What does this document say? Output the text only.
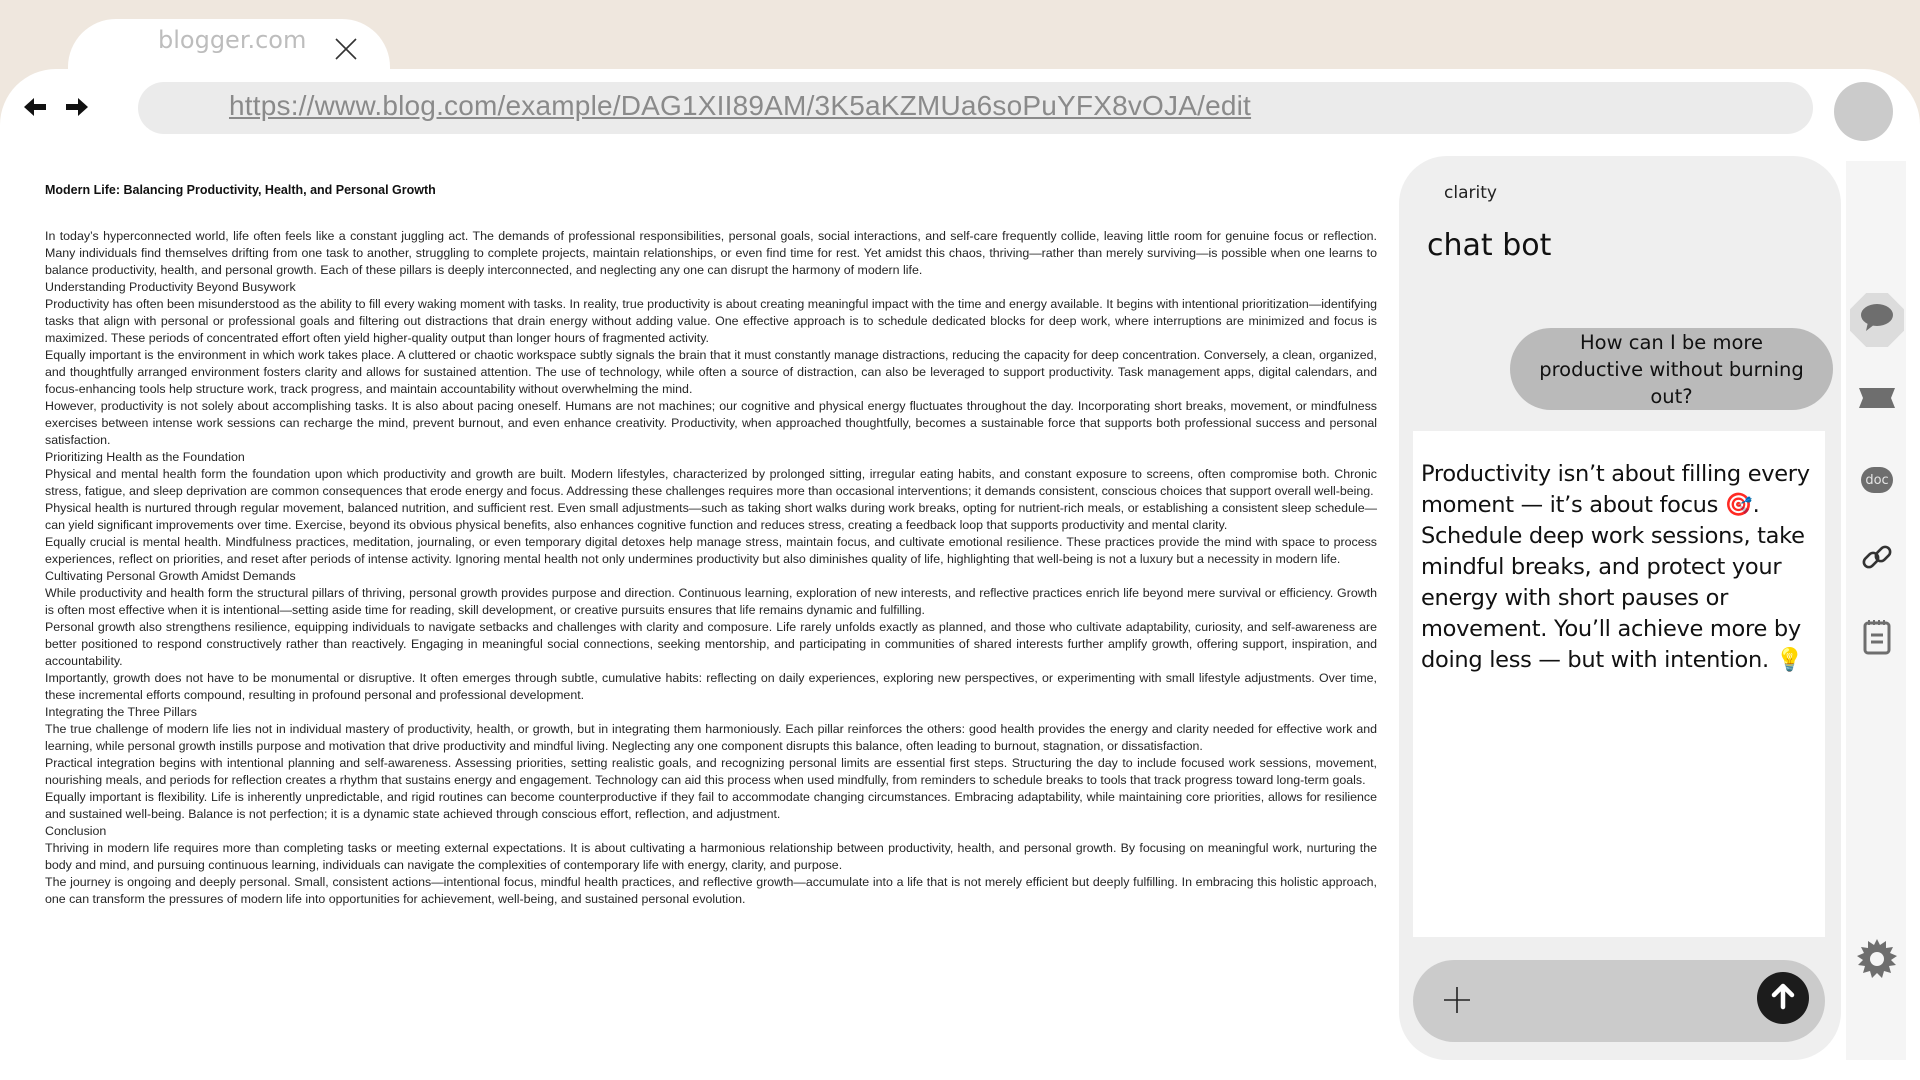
blogger.com
https://www.blog.com/example/DAG1XII89AM/3K5aKZMUa6soPuYFX8vOJA/edit
Modern Life: Balancing Productivity, Health, and Personal Growth

In today’s hyperconnected world, life often feels like a constant juggling act. The demands of professional responsibilities, personal goals, social interactions, and self-care frequently collide, leaving little room for genuine focus or reflection. Many individuals find themselves drifting from one task to another, struggling to complete projects, maintain relationships, or even find time for rest. Yet amidst this chaos, thriving—rather than merely surviving—is possible when one learns to balance productivity, health, and personal growth. Each of these pillars is deeply interconnected, and neglecting any one can disrupt the harmony of modern life.

Understanding Productivity Beyond Busywork

Productivity has often been misunderstood as the ability to fill every waking moment with tasks. In reality, true productivity is about creating meaningful impact with the time and energy available. It begins with intentional prioritization—identifying tasks that align with personal or professional goals and filtering out distractions that drain energy without adding value. One effective approach is to schedule dedicated blocks for deep work, where interruptions are minimized and focus is maximized. These periods of concentrated effort often yield higher-quality output than longer hours of fragmented activity.

Equally important is the environment in which work takes place. A cluttered or chaotic workspace subtly signals the brain that it must constantly manage distractions, reducing the capacity for deep concentration. Conversely, a clean, organized, and thoughtfully arranged environment fosters clarity and allows for sustained attention. The use of technology, while often a source of distraction, can also be leveraged to support productivity. Task management apps, digital calendars, and focus-enhancing tools help structure work, track progress, and maintain accountability without overwhelming the mind.

However, productivity is not solely about accomplishing tasks. It is also about pacing oneself. Humans are not machines; our cognitive and physical energy fluctuates throughout the day. Incorporating short breaks, movement, or mindfulness exercises between intense work sessions can recharge the mind, prevent burnout, and even enhance creativity. Productivity, when approached thoughtfully, becomes a sustainable force that supports both professional success and personal satisfaction.

Prioritizing Health as the Foundation

Physical and mental health form the foundation upon which productivity and growth are built. Modern lifestyles, characterized by prolonged sitting, irregular eating habits, and constant exposure to screens, often compromise both. Chronic stress, fatigue, and sleep deprivation are common consequences that erode energy and focus. Addressing these challenges requires more than occasional interventions; it demands consistent, conscious choices that support overall well-being.

Physical health is nurtured through regular movement, balanced nutrition, and sufficient rest. Even small adjustments—such as taking short walks during work breaks, opting for nutrient-rich meals, or establishing a consistent sleep schedule—can yield significant improvements over time. Exercise, beyond its obvious physical benefits, also enhances cognitive function and reduces stress, creating a feedback loop that supports productivity and mental clarity.

Equally crucial is mental health. Mindfulness practices, meditation, journaling, or even temporary digital detoxes help manage stress, maintain focus, and cultivate emotional resilience. These practices provide the mind with space to process experiences, reflect on priorities, and reset after periods of intense activity. Ignoring mental health not only undermines productivity but also diminishes quality of life, highlighting that well-being is not a luxury but a necessity in modern life.

Cultivating Personal Growth Amidst Demands

While productivity and health form the structural pillars of thriving, personal growth provides purpose and direction. Continuous learning, exploration of new interests, and reflective practices enrich life beyond mere survival or efficiency. Growth is often most effective when it is intentional—setting aside time for reading, skill development, or creative pursuits ensures that life remains dynamic and fulfilling.

Personal growth also strengthens resilience, equipping individuals to navigate setbacks and challenges with clarity and composure. Life rarely unfolds exactly as planned, and those who cultivate adaptability, curiosity, and self-awareness are better positioned to respond constructively rather than reactively. Engaging in meaningful social connections, seeking mentorship, and participating in communities of shared interests further amplify growth, offering support, inspiration, and accountability.

Importantly, growth does not have to be monumental or disruptive. It often emerges through subtle, cumulative habits: reflecting on daily experiences, exploring new perspectives, or experimenting with small lifestyle adjustments. Over time, these incremental efforts compound, resulting in profound personal and professional development.

Integrating the Three Pillars

The true challenge of modern life lies not in individual mastery of productivity, health, or growth, but in integrating them harmoniously. Each pillar reinforces the others: good health provides the energy and clarity needed for effective work and learning, while personal growth instills purpose and motivation that drive productivity and mindful living. Neglecting any one component disrupts this balance, often leading to burnout, stagnation, or dissatisfaction.

Practical integration begins with intentional planning and self-awareness. Assessing priorities, setting realistic goals, and recognizing personal limits are essential first steps. Structuring the day to include focused work sessions, movement, nourishing meals, and periods for reflection creates a rhythm that sustains energy and engagement. Technology can aid this process when used mindfully, from reminders to schedule breaks to tools that track progress toward long-term goals.

Equally important is flexibility. Life is inherently unpredictable, and rigid routines can become counterproductive if they fail to accommodate changing circumstances. Embracing adaptability, while maintaining core priorities, allows for resilience and sustained well-being. Balance is not perfection; it is a dynamic state achieved through conscious effort, reflection, and adjustment.

Conclusion

Thriving in modern life requires more than completing tasks or meeting external expectations. It is about cultivating a harmonious relationship between productivity, health, and personal growth. By focusing on meaningful work, nurturing the body and mind, and pursuing continuous learning, individuals can navigate the complexities of contemporary life with energy, clarity, and purpose.

The journey is ongoing and deeply personal. Small, consistent actions—intentional focus, mindful health practices, and reflective growth—accumulate into a life that is not merely efficient but deeply fulfilling. In embracing this holistic approach, one can transform the pressures of modern life into opportunities for achievement, well-being, and sustained personal evolution.

clarity
chat bot
How can I be more productive without burning out?
Productivity isn’t about filling every moment — it’s about focus 🎯. Schedule deep work sessions, take mindful breaks, and protect your energy with short pauses or movement. You’ll achieve more by doing less — but with intention. 💡
doc
